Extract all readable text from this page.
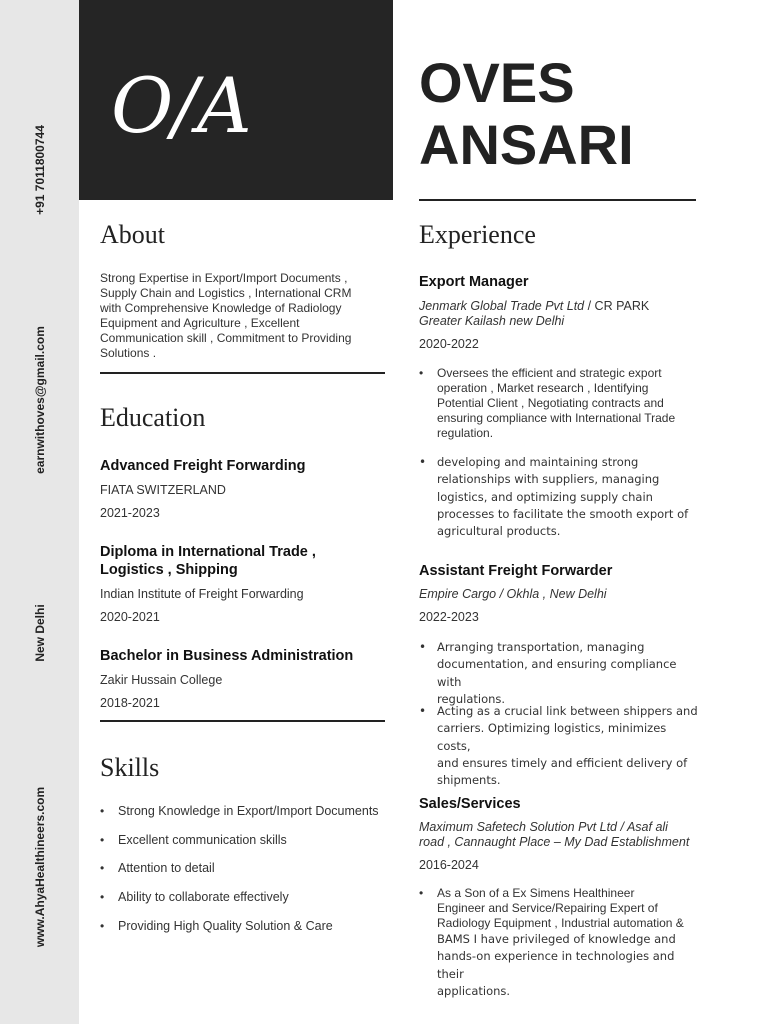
+91 7011800744
earnwithoves@gmail.com
New Delhi
www.AhyaHealthineers.com
O/A	OVES
ANSARI
About
Strong Expertise in Export/Import Documents ,
Supply Chain and Logistics , International CRM
with Comprehensive Knowledge of Radiology
Equipment and Agriculture , Excellent
Communication skill , Commitment to Providing
Solutions .
Education
Advanced Freight Forwarding
FIATA SWITZERLAND
2021-2023
Diploma in International Trade ,
Logistics , Shipping
Indian Institute of Freight Forwarding
2020-2021
Bachelor in Business Administration
Zakir Hussain College
2018-2021
Skills
• Strong Knowledge in Export/Import Documents
• Excellent communication skills
• Attention to detail
• Ability to collaborate effectively
• Providing High Quality Solution & Care
Experience
Export Manager
Jenmark Global Trade Pvt Ltd / CR PARK
Greater Kailash new Delhi
2020-2022
• Oversees the efficient and strategic export
operation , Market research , Identifying
Potential Client , Negotiating contracts and
ensuring compliance with International Trade
regulation.
• developing and maintaining strong
relationships with suppliers, managing
logistics, and optimizing supply chain
processes to facilitate the smooth export of
agricultural products.
Assistant Freight Forwarder
Empire Cargo / Okhla , New Delhi
2022-2023
• Arranging transportation, managing
documentation, and ensuring compliance with
regulations.
• Acting as a crucial link between shippers and
carriers. Optimizing logistics, minimizes costs,
and ensures timely and efficient delivery of
shipments.
Sales/Services
Maximum Safetech Solution Pvt Ltd / Asaf ali
road , Cannaught Place – My Dad Establishment
2016-2024
• As a Son of a Ex Simens Healthineer
Engineer and Service/Repairing Expert of
Radiology Equipment , Industrial automation &
BAMS I have privileged of knowledge and
hands-on experience in technologies and their
applications.
